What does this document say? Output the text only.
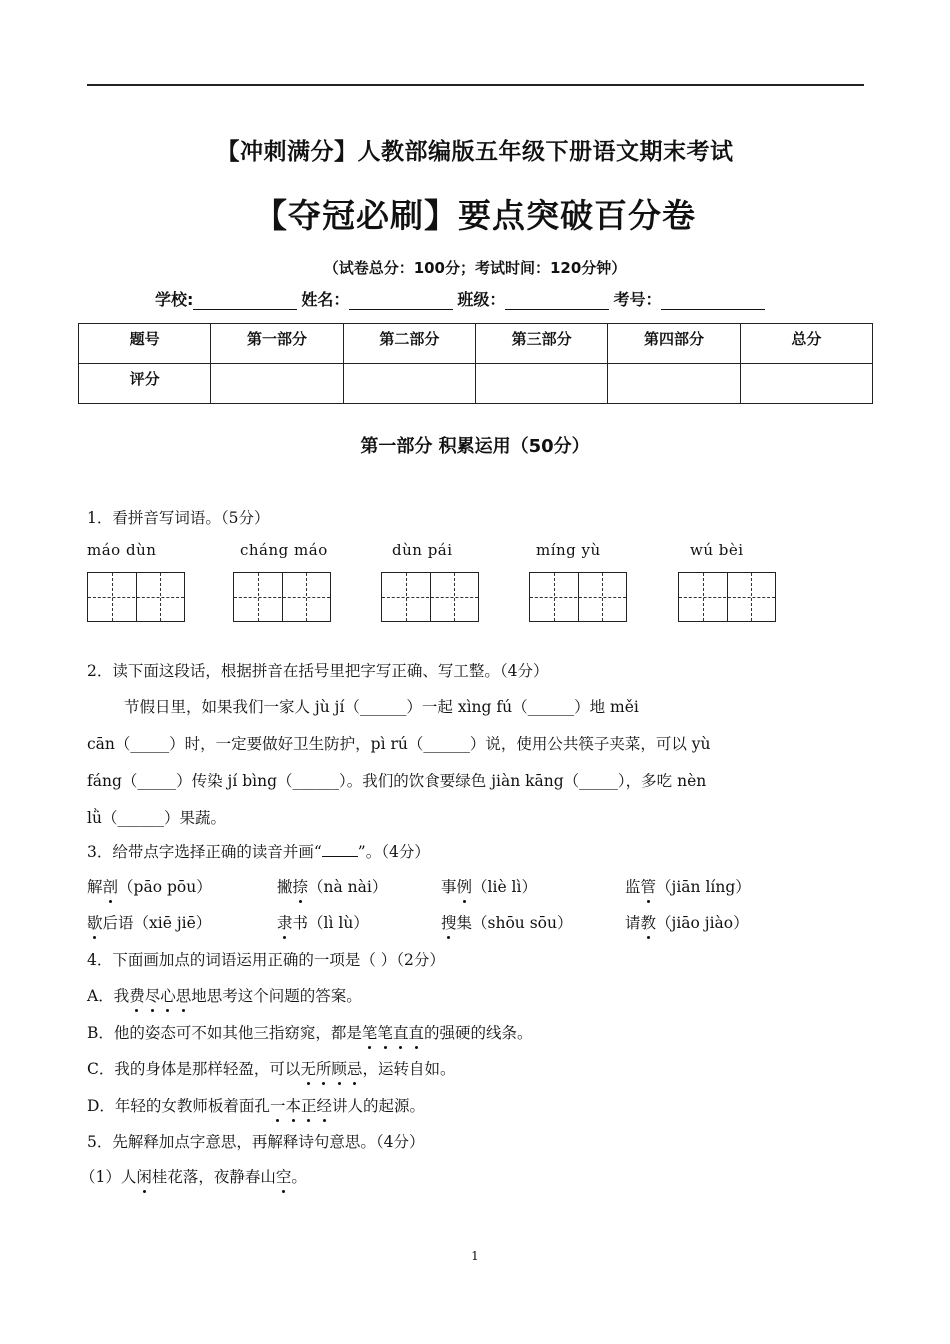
【冲刺满分】人教部编版五年级下册语文期末考试
【夺冠必刷】要点突破百分卷
（试卷总分：100分；考试时间：120分钟）
学校:	姓名：	班级：	考号：
题号	第一部分	第二部分	第三部分	第四部分	总分
评分					
第一部分 积累运用（50分）
1．看拼音写词语。（5分）
máo dùn	cháng máo	dùn pái	míng yù	wú bèi
2．读下面这段话，根据拼音在括号里把字写正确、写工整。（4分）
节假日里，如果我们一家人 jù jí（______）一起 xìng fú（______）地 měi
cān（_____）时，一定要做好卫生防护，pì rú（______）说，使用公共筷子夹菜，可以 yù
fáng（_____）传染 jí bìng（______）。我们的饮食要绿色 jiàn kāng（_____），多吃 nèn
lǜ（______）果蔬。
3．给带点字选择正确的读音并画“ ”。（4分）
解剖（pāo pōu）	撇捺（nà nài）	事例（liè lì）	监管（jiān líng）
歇后语（xiē jiē）	隶书（lì lù）	搜集（shōu sōu）	请教（jiāo jiào）
4．下面画加点的词语运用正确的一项是（ ）（2分）
A．我费尽心思地思考这个问题的答案。
B．他的姿态可不如其他三指窈窕，都是笔笔直直的强硬的线条。
C．我的身体是那样轻盈，可以无所顾忌，运转自如。
D．年轻的女教师板着面孔一本正经讲人的起源。
5．先解释加点字意思，再解释诗句意思。（4分）
（1）人闲桂花落，夜静春山空。
1
